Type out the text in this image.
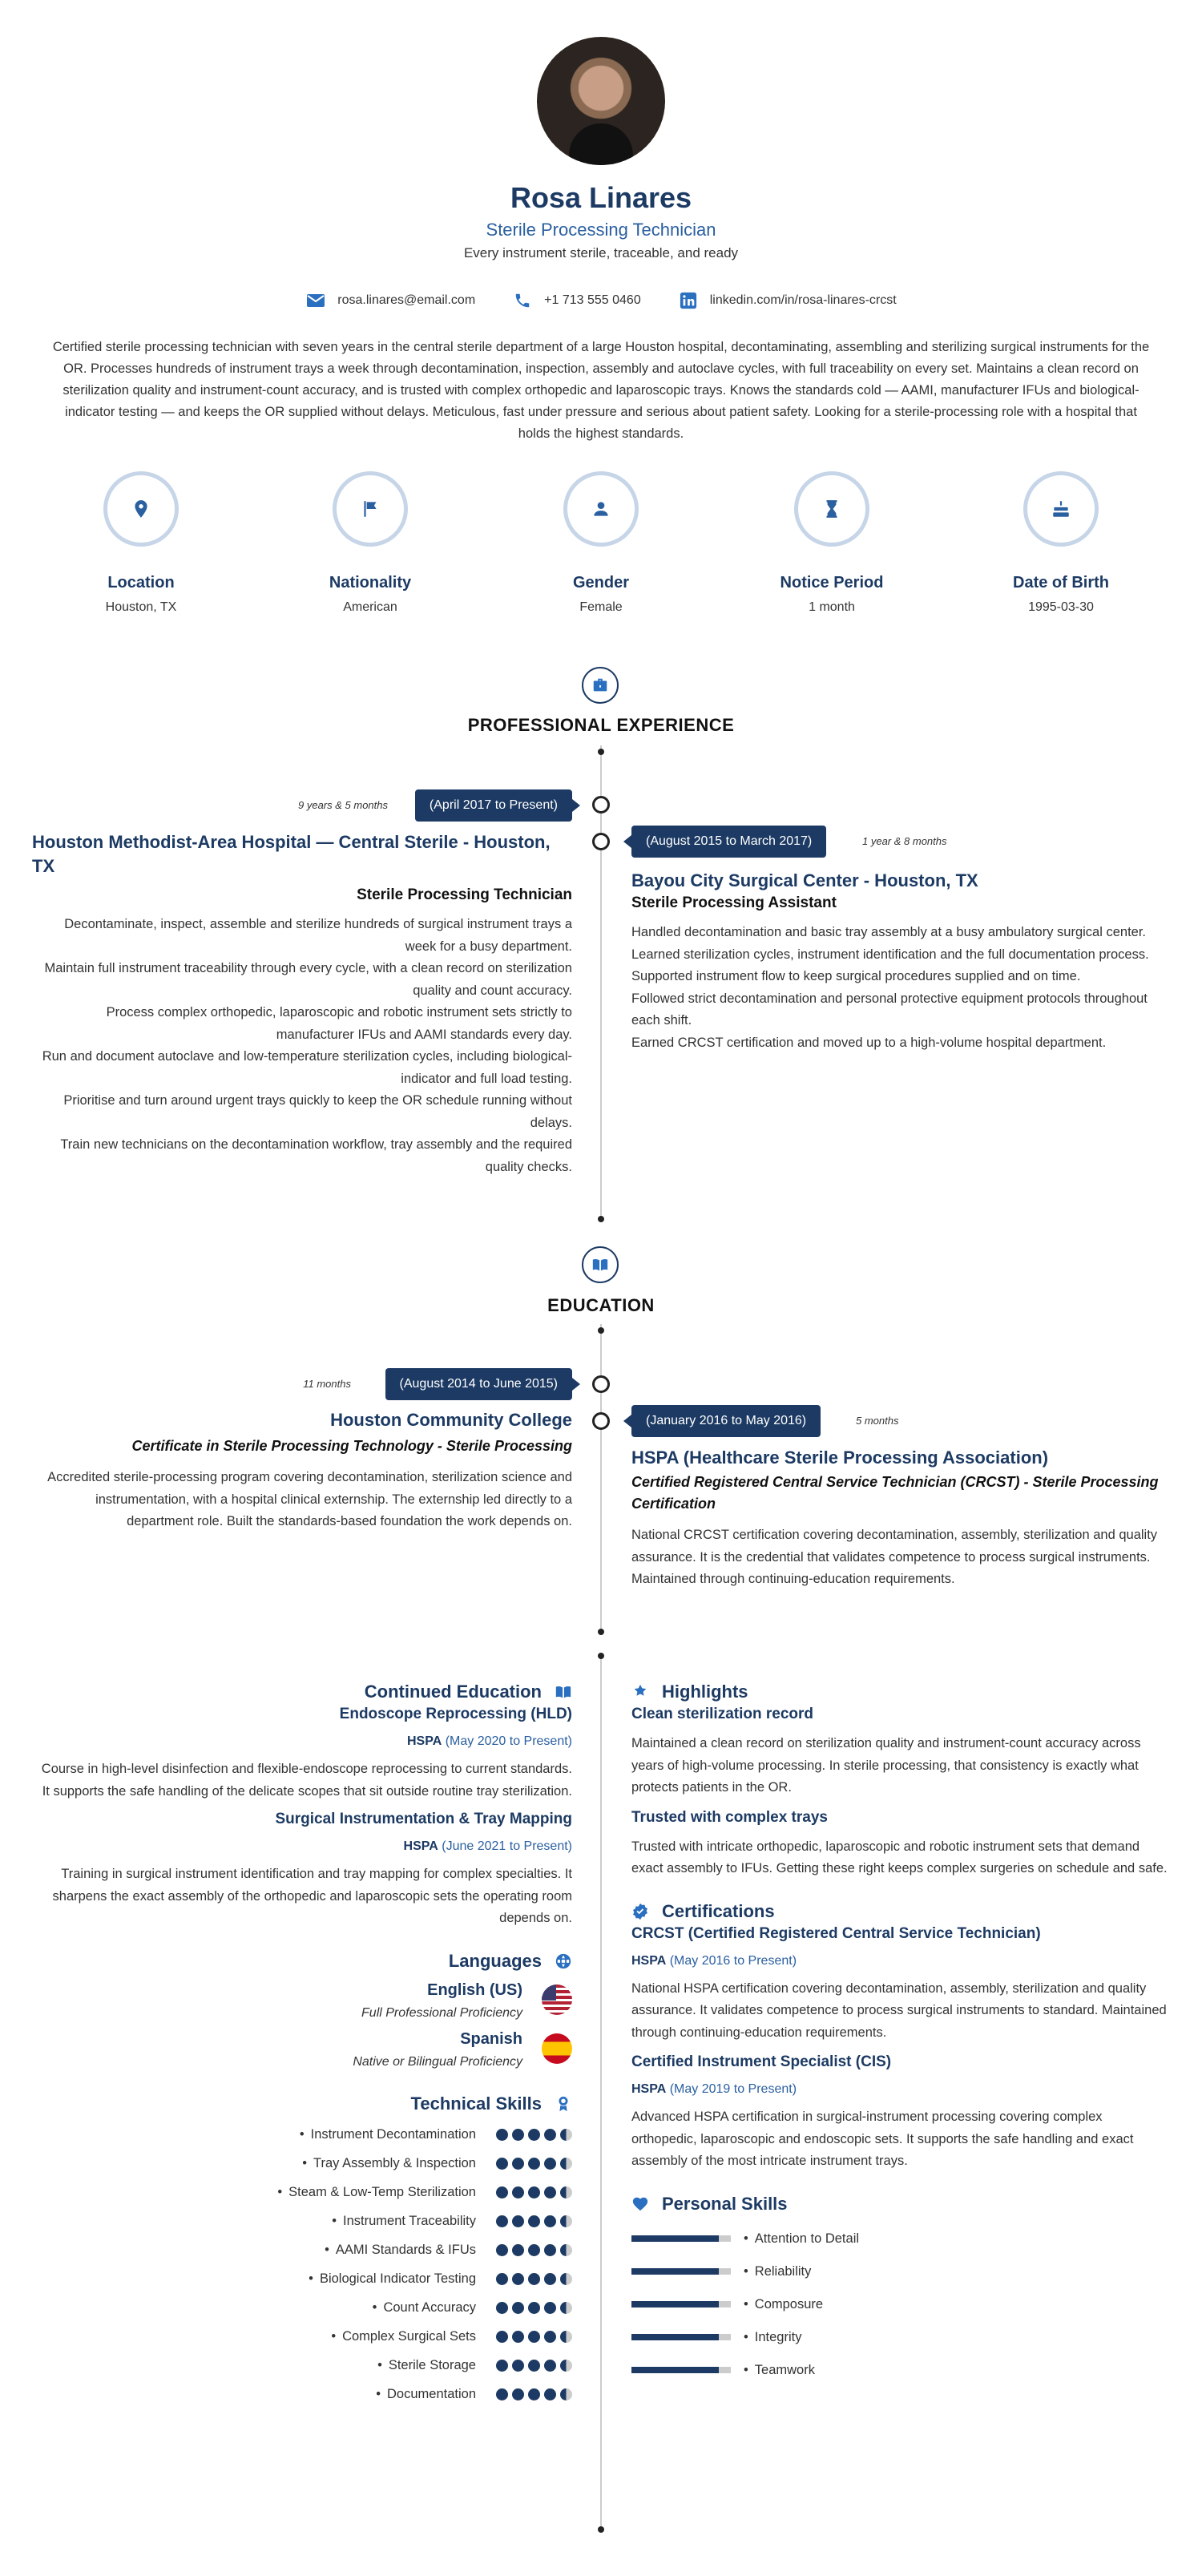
Rosa Linares
Sterile Processing Technician
Every instrument sterile, traceable, and ready
rosa.linares@email.com	+1 713 555 0460	linkedin.com/in/rosa-linares-crcst
Certified sterile processing technician with seven years in the central sterile department of a large Houston hospital, decontaminating, assembling and sterilizing surgical instruments for the OR. Processes hundreds of instrument trays a week through decontamination, inspection, assembly and autoclave cycles, with full traceability on every set. Maintains a clean record on sterilization quality and instrument-count accuracy, and is trusted with complex orthopedic and laparoscopic trays. Knows the standards cold — AAMI, manufacturer IFUs and biological-indicator testing — and keeps the OR supplied without delays. Meticulous, fast under pressure and serious about patient safety. Looking for a sterile-processing role with a hospital that holds the highest standards.
Location
Houston, TX
Nationality
American
Gender
Female
Notice Period
1 month
Date of Birth
1995-03-30
PROFESSIONAL EXPERIENCE
9 years & 5 months	(April 2017 to Present)
(August 2015 to March 2017)	1 year & 8 months
Houston Methodist-Area Hospital — Central Sterile - Houston, TX
Sterile Processing Technician
Decontaminate, inspect, assemble and sterilize hundreds of surgical instrument trays a week for a busy department.
Maintain full instrument traceability through every cycle, with a clean record on sterilization quality and count accuracy.
Process complex orthopedic, laparoscopic and robotic instrument sets strictly to manufacturer IFUs and AAMI standards every day.
Run and document autoclave and low-temperature sterilization cycles, including biological-indicator and full load testing.
Prioritise and turn around urgent trays quickly to keep the OR schedule running without delays.
Train new technicians on the decontamination workflow, tray assembly and the required quality checks.
Bayou City Surgical Center - Houston, TX
Sterile Processing Assistant
Handled decontamination and basic tray assembly at a busy ambulatory surgical center.
Learned sterilization cycles, instrument identification and the full documentation process.
Supported instrument flow to keep surgical procedures supplied and on time.
Followed strict decontamination and personal protective equipment protocols throughout each shift.
Earned CRCST certification and moved up to a high-volume hospital department.
EDUCATION
11 months	(August 2014 to June 2015)
(January 2016 to May 2016)	5 months
Houston Community College
Certificate in Sterile Processing Technology - Sterile Processing
Accredited sterile-processing program covering decontamination, sterilization science and instrumentation, with a hospital clinical externship. The externship led directly to a department role. Built the standards-based foundation the work depends on.
HSPA (Healthcare Sterile Processing Association)
Certified Registered Central Service Technician (CRCST) - Sterile Processing Certification
National CRCST certification covering decontamination, assembly, sterilization and quality assurance. It is the credential that validates competence to process surgical instruments. Maintained through continuing-education requirements.
Continued Education
Endoscope Reprocessing (HLD)
HSPA (May 2020 to Present)
Course in high-level disinfection and flexible-endoscope reprocessing to current standards. It supports the safe handling of the delicate scopes that sit outside routine tray sterilization.
Surgical Instrumentation & Tray Mapping
HSPA (June 2021 to Present)
Training in surgical instrument identification and tray mapping for complex specialties. It sharpens the exact assembly of the orthopedic and laparoscopic sets the operating room depends on.
Languages
English (US)
Full Professional Proficiency
Spanish
Native or Bilingual Proficiency
Technical Skills
• Instrument Decontamination
• Tray Assembly & Inspection
• Steam & Low-Temp Sterilization
• Instrument Traceability
• AAMI Standards & IFUs
• Biological Indicator Testing
• Count Accuracy
• Complex Surgical Sets
• Sterile Storage
• Documentation
Highlights
Clean sterilization record
Maintained a clean record on sterilization quality and instrument-count accuracy across years of high-volume processing. In sterile processing, that consistency is exactly what protects patients in the OR.
Trusted with complex trays
Trusted with intricate orthopedic, laparoscopic and robotic instrument sets that demand exact assembly to IFUs. Getting these right keeps complex surgeries on schedule and safe.
Certifications
CRCST (Certified Registered Central Service Technician)
HSPA (May 2016 to Present)
National HSPA certification covering decontamination, assembly, sterilization and quality assurance. It validates competence to process surgical instruments to standard. Maintained through continuing-education requirements.
Certified Instrument Specialist (CIS)
HSPA (May 2019 to Present)
Advanced HSPA certification in surgical-instrument processing covering complex orthopedic, laparoscopic and endoscopic sets. It supports the safe handling and exact assembly of the most intricate instrument trays.
Personal Skills
• Attention to Detail
• Reliability
• Composure
• Integrity
• Teamwork
